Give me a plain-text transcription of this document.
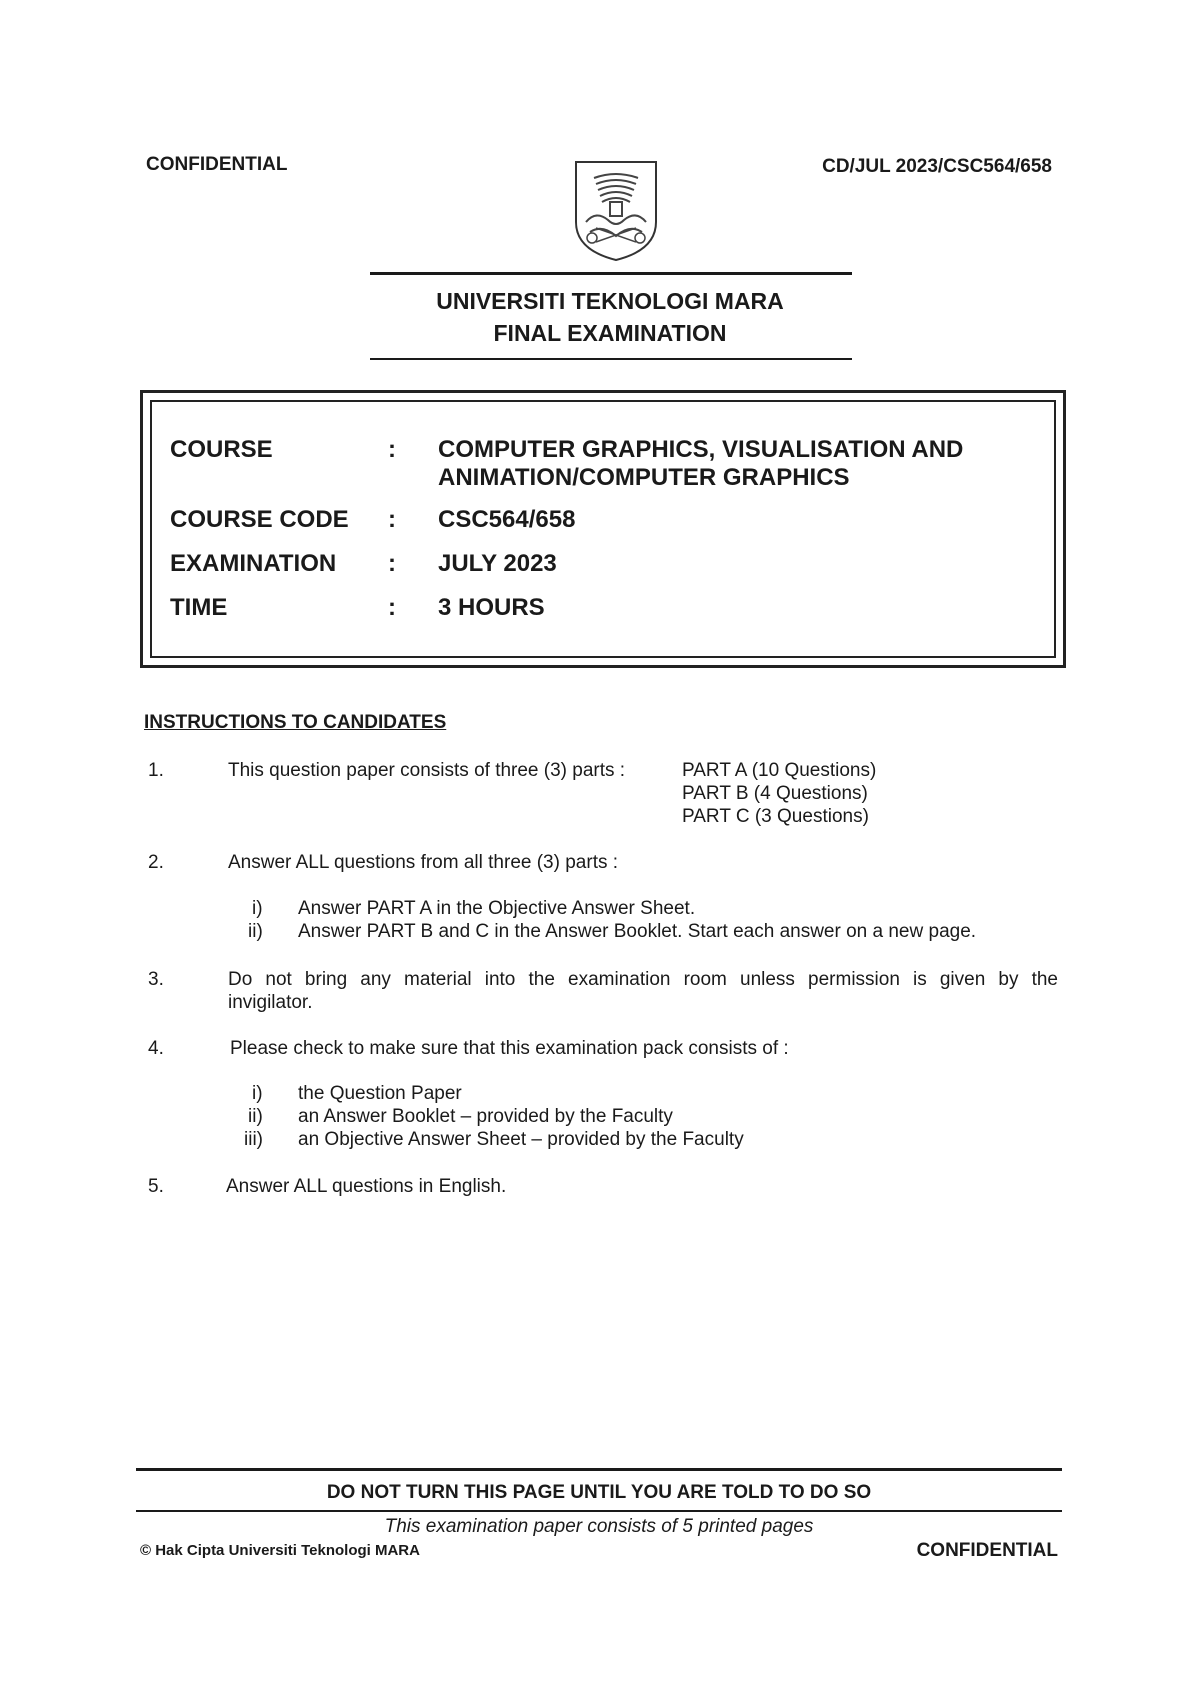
CONFIDENTIAL	CD/JUL 2023/CSC564/658
UNIVERSITI TEKNOLOGI MARA
FINAL EXAMINATION
COURSE	: COMPUTER GRAPHICS, VISUALISATION AND
ANIMATION/COMPUTER GRAPHICS
COURSE CODE : CSC564/658
EXAMINATION : JULY 2023
TIME	: 3 HOURS
INSTRUCTIONS TO CANDIDATES
1.	This question paper consists of three (3) parts :	PART A (10 Questions)
PART B (4 Questions)
PART C (3 Questions)
2.	Answer ALL questions from all three (3) parts :
i) Answer PART A in the Objective Answer Sheet.
ii) Answer PART B and C in the Answer Booklet. Start each answer on a new page.
3.	Do not bring any material into the examination room unless permission is given by the
invigilator.
4.	Please check to make sure that this examination pack consists of :
i) the Question Paper
ii) an Answer Booklet – provided by the Faculty
iii) an Objective Answer Sheet – provided by the Faculty
5.	Answer ALL questions in English.
DO NOT TURN THIS PAGE UNTIL YOU ARE TOLD TO DO SO
This examination paper consists of 5 printed pages
© Hak Cipta Universiti Teknologi MARA	CONFIDENTIAL
